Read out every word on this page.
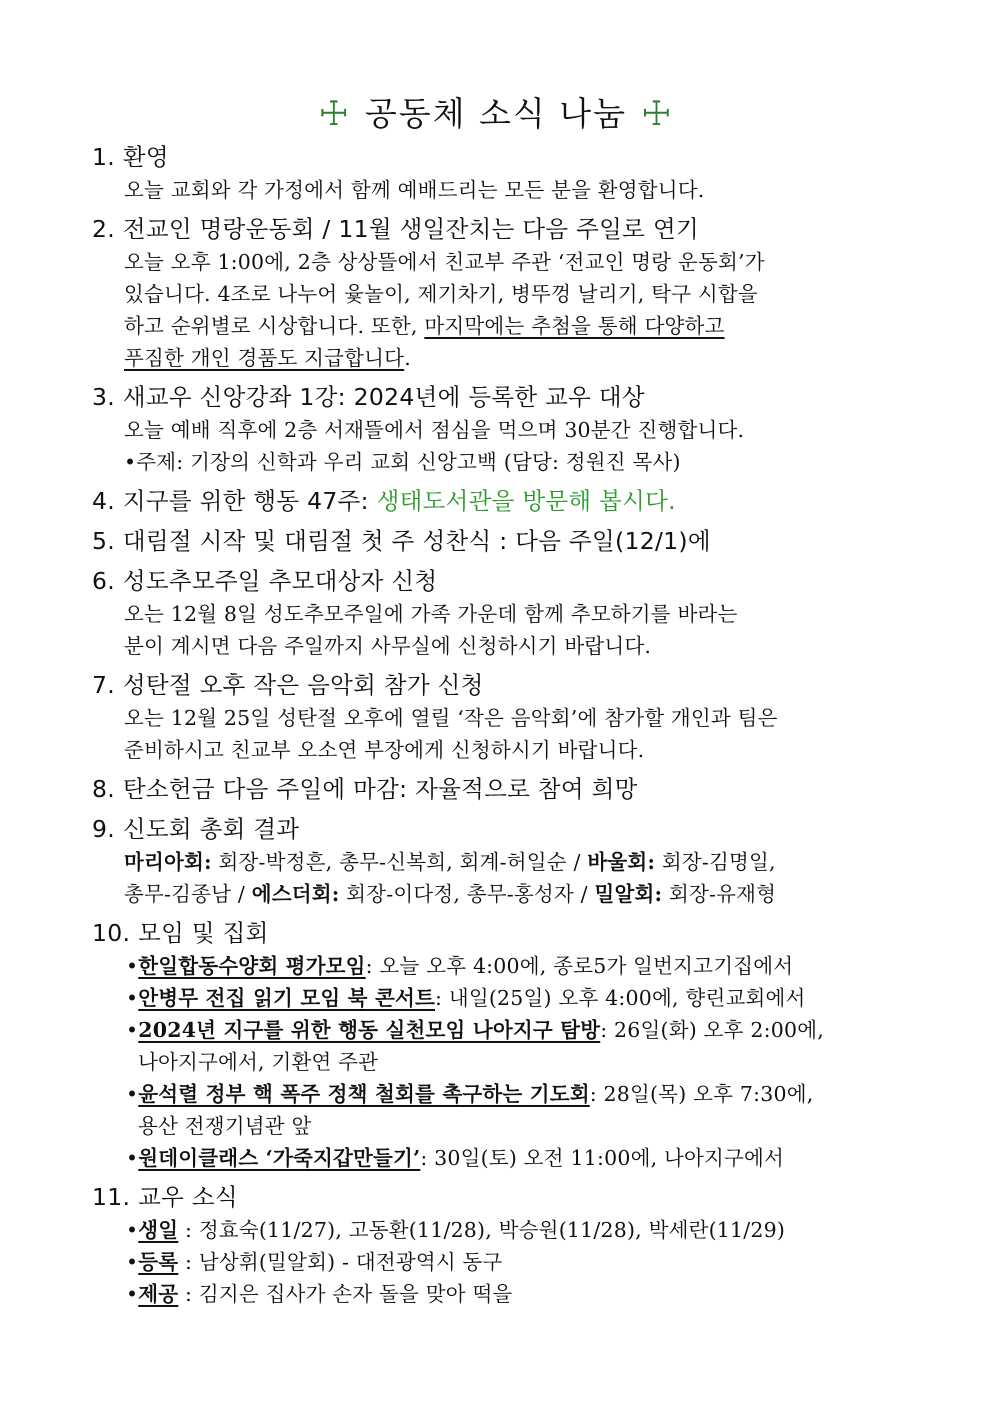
☩ 공동체 소식 나눔 ☩
1. 환영
오늘 교회와 각 가정에서 함께 예배드리는 모든 분을 환영합니다.
2. 전교인 명랑운동회 / 11월 생일잔치는 다음 주일로 연기
오늘 오후 1:00에, 2층 상상뜰에서 친교부 주관 ‘전교인 명랑 운동회’가
있습니다. 4조로 나누어 윷놀이, 제기차기, 병뚜껑 날리기, 탁구 시합을
하고 순위별로 시상합니다. 또한, 마지막에는 추첨을 통해 다양하고
푸짐한 개인 경품도 지급합니다.
3. 새교우 신앙강좌 1강: 2024년에 등록한 교우 대상
오늘 예배 직후에 2층 서재뜰에서 점심을 먹으며 30분간 진행합니다.
•주제: 기장의 신학과 우리 교회 신앙고백 (담당: 정원진 목사)
4. 지구를 위한 행동 47주: 생태도서관을 방문해 봅시다.
5. 대림절 시작 및 대림절 첫 주 성찬식 : 다음 주일(12/1)에
6. 성도추모주일 추모대상자 신청
오는 12월 8일 성도추모주일에 가족 가운데 함께 추모하기를 바라는
분이 계시면 다음 주일까지 사무실에 신청하시기 바랍니다.
7. 성탄절 오후 작은 음악회 참가 신청
오는 12월 25일 성탄절 오후에 열릴 ‘작은 음악회’에 참가할 개인과 팀은
준비하시고 친교부 오소연 부장에게 신청하시기 바랍니다.
8. 탄소헌금 다음 주일에 마감: 자율적으로 참여 희망
9. 신도회 총회 결과
마리아회: 회장-박정흔, 총무-신복희, 회계-허일순 / 바울회: 회장-김명일,
총무-김종남 / 에스더회: 회장-이다정, 총무-홍성자 / 밀알회: 회장-유재형
10. 모임 및 집회
•한일합동수양회 평가모임: 오늘 오후 4:00에, 종로5가 일번지고기집에서
•안병무 전집 읽기 모임 북 콘서트: 내일(25일) 오후 4:00에, 향린교회에서
•2024년 지구를 위한 행동 실천모임 나아지구 탐방: 26일(화) 오후 2:00에,
나아지구에서, 기환연 주관
•윤석렬 정부 핵 폭주 정책 철회를 촉구하는 기도회: 28일(목) 오후 7:30에,
용산 전쟁기념관 앞
•원데이클래스 ‘가죽지갑만들기’: 30일(토) 오전 11:00에, 나아지구에서
11. 교우 소식
•생일 : 정효숙(11/27), 고동환(11/28), 박승원(11/28), 박세란(11/29)
•등록 : 남상휘(밀알회) - 대전광역시 동구
•제공 : 김지은 집사가 손자 돌을 맞아 떡을
